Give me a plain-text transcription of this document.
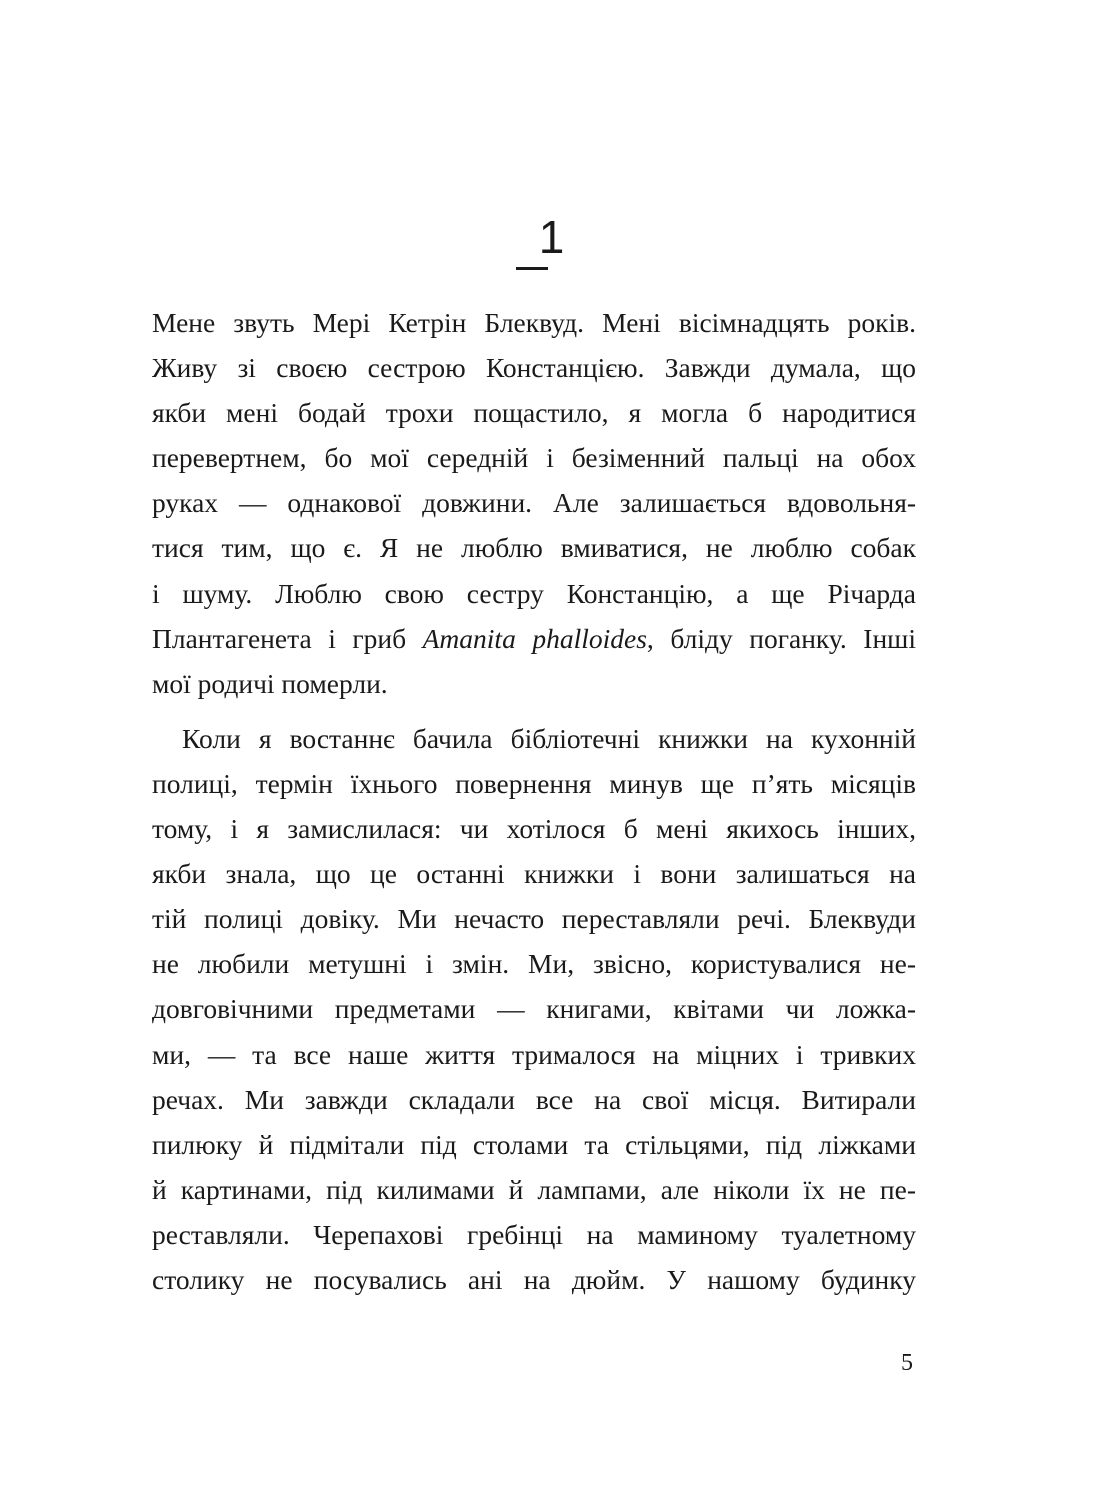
1
Мене звуть Мері Кетрін Блеквуд. Мені вісімнадцять років.
Живу зі своєю сестрою Констанцією. Завжди думала, що
якби мені бодай трохи пощастило, я могла б народитися
перевертнем, бо мої середній і безіменний пальці на обох
руках — однакової довжини. Але залишається вдовольня-
тися тим, що є. Я не люблю вмиватися, не люблю собак
і шуму. Люблю свою сестру Констанцію, а ще Річарда
Плантагенета і гриб Amanita phalloides, бліду поганку. Інші
мої родичі померли.
Коли я востаннє бачила бібліотечні книжки на кухонній
полиці, термін їхнього повернення минув ще п’ять місяців
тому, і я замислилася: чи хотілося б мені якихось інших,
якби знала, що це останні книжки і вони залишаться на
тій полиці довіку. Ми нечасто переставляли речі. Блеквуди
не любили метушні і змін. Ми, звісно, користувалися не-
довговічними предметами — книгами, квітами чи ложка-
ми, — та все наше життя трималося на міцних і тривких
речах. Ми завжди складали все на свої місця. Витирали
пилюку й підмітали під столами та стільцями, під ліжками
й картинами, під килимами й лампами, але ніколи їх не пе-
реставляли. Черепахові гребінці на маминому туалетному
столику не посувались ані на дюйм. У нашому будинку
5
